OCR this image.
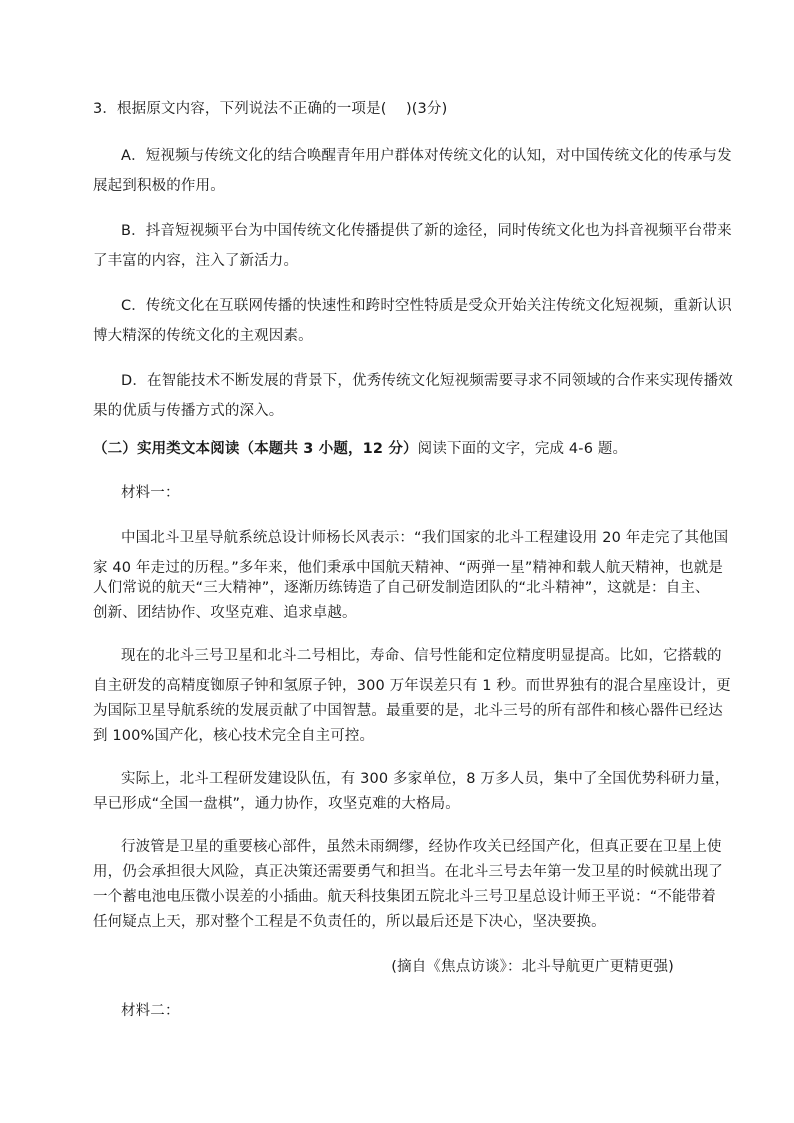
3．根据原文内容，下列说法不正确的一项是(　 )(3分)
A．短视频与传统文化的结合唤醒青年用户群体对传统文化的认知，对中国传统文化的传承与发
展起到积极的作用。
B．抖音短视频平台为中国传统文化传播提供了新的途径，同时传统文化也为抖音视频平台带来
了丰富的内容，注入了新活力。
C．传统文化在互联网传播的快速性和跨时空性特质是受众开始关注传统文化短视频，重新认识
博大精深的传统文化的主观因素。
D．在智能技术不断发展的背景下，优秀传统文化短视频需要寻求不同领域的合作来实现传播效
果的优质与传播方式的深入。
（二）实用类文本阅读（本题共 3 小题，12 分）阅读下面的文字，完成 4-6 题。
材料一：
中国北斗卫星导航系统总设计师杨长风表示：“我们国家的北斗工程建设用 20 年走完了其他国
家 40 年走过的历程。”多年来，他们秉承中国航天精神、“两弹一星”精神和载人航天精神，也就是
人们常说的航天“三大精神”，逐渐历练铸造了自己研发制造团队的“北斗精神”，这就是：自主、
创新、团结协作、攻坚克难、追求卓越。
现在的北斗三号卫星和北斗二号相比，寿命、信号性能和定位精度明显提高。比如，它搭载的
自主研发的高精度铷原子钟和氢原子钟，300 万年误差只有 1 秒。而世界独有的混合星座设计，更
为国际卫星导航系统的发展贡献了中国智慧。最重要的是，北斗三号的所有部件和核心器件已经达
到 100%国产化，核心技术完全自主可控。
实际上，北斗工程研发建设队伍，有 300 多家单位，8 万多人员，集中了全国优势科研力量，
早已形成“全国一盘棋”，通力协作，攻坚克难的大格局。
行波管是卫星的重要核心部件，虽然未雨绸缪，经协作攻关已经国产化，但真正要在卫星上使
用，仍会承担很大风险，真正决策还需要勇气和担当。在北斗三号去年第一发卫星的时候就出现了
一个蓄电池电压微小误差的小插曲。航天科技集团五院北斗三号卫星总设计师王平说：“不能带着
任何疑点上天，那对整个工程是不负责任的，所以最后还是下决心，坚决要换。
(摘自《焦点访谈》：北斗导航更广更精更强)
材料二：
